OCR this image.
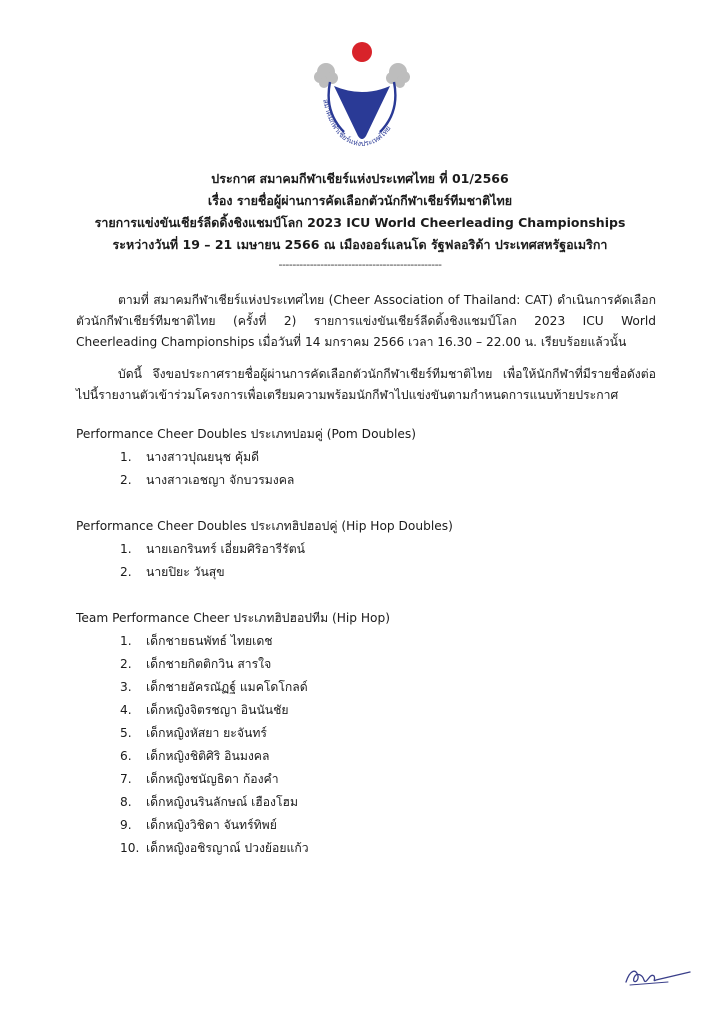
สมาคมกีฬาเชียร์แห่งประเทศไทย
ประกาศ สมาคมกีฬาเชียร์แห่งประเทศไทย ที่ 01/2566
เรื่อง รายชื่อผู้ผ่านการคัดเลือกตัวนักกีฬาเชียร์ทีมชาติไทย
รายการแข่งขันเชียร์ลีดดิ้งชิงแชมป์โลก 2023 ICU World Cheerleading Championships
ระหว่างวันที่ 19 – 21 เมษายน 2566 ณ เมืองออร์แลนโด รัฐฟลอริด้า ประเทศสหรัฐอเมริกา
-----------------------------------------------

ตามที่ สมาคมกีฬาเชียร์แห่งประเทศไทย (Cheer Association of Thailand: CAT) ดำเนินการคัดเลือกตัวนักกีฬาเชียร์ทีมชาติไทย (ครั้งที่ 2) รายการแข่งขันเชียร์ลีดดิ้งชิงแชมป์โลก 2023 ICU World Cheerleading Championships เมื่อวันที่ 14 มกราคม 2566 เวลา 16.30 – 22.00 น. เรียบร้อยแล้วนั้น

บัดนี้ จึงขอประกาศรายชื่อผู้ผ่านการคัดเลือกตัวนักกีฬาเชียร์ทีมชาติไทย เพื่อให้นักกีฬาที่มีรายชื่อดังต่อไปนี้รายงานตัวเข้าร่วมโครงการเพื่อเตรียมความพร้อมนักกีฬาไปแข่งขันตามกำหนดการแนบท้ายประกาศ

Performance Cheer Doubles ประเภทปอมคู่ (Pom Doubles)
1.	นางสาวปุณยนุช คุ้มดี
2.	นางสาวเอชญา จักบวรมงคล
Performance Cheer Doubles ประเภทฮิปฮอปคู่ (Hip Hop Doubles)
1.	นายเอกรินทร์ เอี่ยมศิริอารีรัตน์
2.	นายปิยะ วันสุข
Team Performance Cheer ประเภทฮิปฮอปทีม (Hip Hop)
1.	เด็กชายธนพัทธ์ ไทยเดช
2.	เด็กชายกิตติกวิน สารใจ
3.	เด็กชายอัครณัฏฐ์ แมคโดโกลด์
4.	เด็กหญิงจิตรชญา อินนันชัย
5.	เด็กหญิงหัสยา ยะจันทร์
6.	เด็กหญิงชิติศิริ อินมงคล
7.	เด็กหญิงชนัญธิดา ก้องคำ
8.	เด็กหญิงนรินลักษณ์ เฮืองโฮม
9.	เด็กหญิงวิชิดา จันทร์ทิพย์
10. เด็กหญิงอชิรญาณ์ ปวงย้อยแก้ว
